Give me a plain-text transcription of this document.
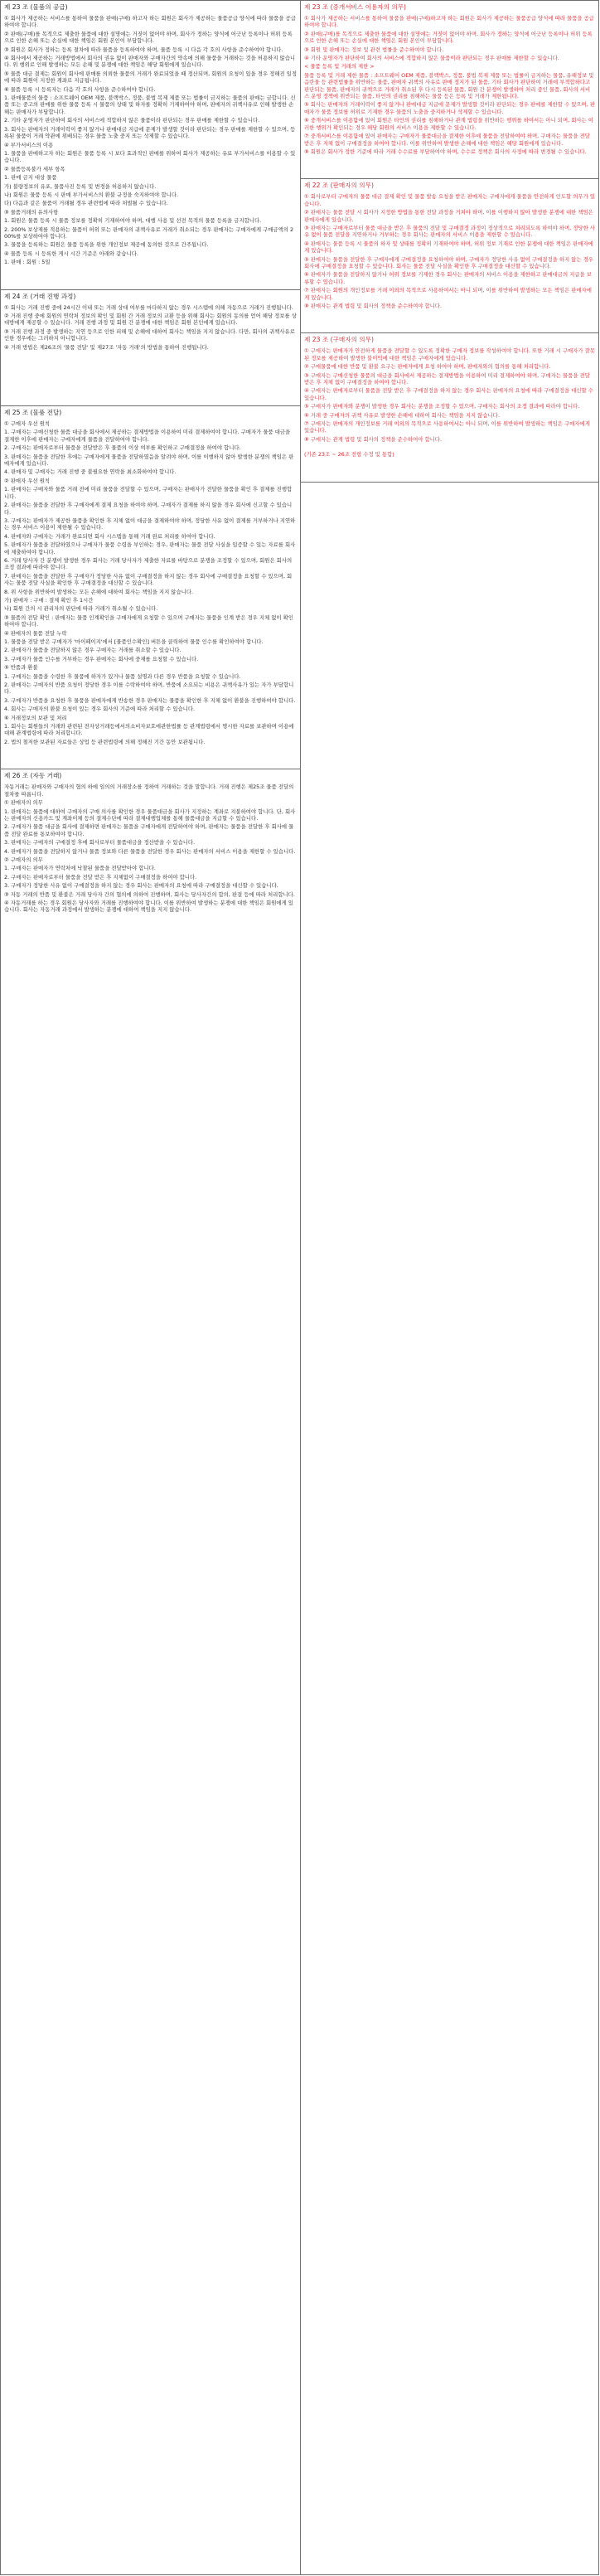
제 23 조 (물품의 공급)
① 회사가 제공하는 서비스를 통하여 물품을 판매(구매) 하고자 하는 회원은 회사가 제공하는 물품공급 양식에 따라 물품을 공급하여야 합니다.
② 판매(구매)를 목적으로 제출한 물품에 대한 설명에는 거짓이 없어야 하며, 회사가 정하는 양식에 어긋난 등록이나 허위 등록으로 인한 손해 또는 손실에 대한 책임은 회원 본인이 부담합니다.
③ 회원은 회사가 정하는 등록 절차에 따라 물품을 등록하여야 하며, 물품 등록 시 다음 각 호의 사항을 준수하여야 합니다.
④ 회사에서 제공하는 거래방법에서 회사의 권유 없이 판매자와 구매자간의 약속에 의해 물품을 거래하는 것을 허용하지 않습니다. 위 행위로 인해 발생하는 모든 손해 및 분쟁에 대한 책임은 해당 회원에게 있습니다.
⑤ 물품 대금 결제는 회원이 회사에 판매를 의뢰한 물품의 거래가 완료되었을 때 정산되며, 회원의 요청이 있을 경우 정해진 일정에 따라 회원이 지정한 계좌로 지급됩니다.
⑥ 물품 등록 시 등록자는 다음 각 호의 사항을 준수하여야 합니다.
1. 판매물품의 물품 : 소프트웨어 OEM 제품, 블랙박스, 정품, 불법 복제 제품 또는 법률이 금지하는 물품의 판매는 금합니다. 신품 또는 중고의 판매를 위한 물품 등록 시 물품의 상태 및 하자를 정확히 기재하여야 하며, 판매자의 귀책사유로 인해 발생한 손해는 판매자가 부담합니다.
2. 기타 운영자가 판단하여 회사의 서비스에 적합하지 않은 물품이라 판단되는 경우 판매를 제한할 수 있습니다.
3. 회사는 판매자의 거래이력이 좋지 않거나 판매대금 지급에 문제가 발생할 것이라 판단되는 경우 판매를 제한할 수 있으며, 등록된 물품이 거래 약관에 위배되는 경우 물품 노출 중지 또는 삭제할 수 있습니다.
④ 부가서비스의 이용
1. 물품을 판매하고자 하는 회원은 물품 등록 시 보다 효과적인 판매를 위하여 회사가 제공하는 유료 부가서비스를 이용할 수 있습니다.
② 물품등록불가 세부 항목
1. 판매 금지 대상 물품
가) 불량정보의 유포, 물품사진 등록 및 변경을 허용하지 않습니다.
나) 회원은 물품 등록 시 판매 부가서비스의 환불 규정을 숙지하여야 합니다.
다) 다음과 같은 물품이 거래될 경우 관련법에 따라 처벌될 수 있습니다.
③ 물품거래의 유의사항
1. 회원은 물품 등록 시 물품 정보를 정확히 기재하여야 하며, 대행 사용 및 선전 목적의 물품 등록을 금지합니다.
2. 200% 보상제를 적용하는 물품이 허위 또는 판매자의 귀책사유로 거래가 취소되는 경우 판매자는 구매자에게 구매금액의 200%를 보상하여야 합니다.
3. 물품을 등록하는 회원은 물품 등록을 위한 개인정보 제공에 동의한 것으로 간주됩니다.
④ 물품 등록 시 등록한 게시 시간 기준은 아래와 같습니다.
1. 판매 : 회원 : 5일
제 24 조 (거래 진행 과정)
① 회사는 거래 진행 중에 24시간 이내 또는 거래 상대 여부를 마다하지 않는 경우 시스템에 의해 자동으로 거래가 진행됩니다.
② 거래 진행 중에 회원의 연락처 정보의 확인 및 회원 간 거래 정보의 교환 등을 위해 회사는 회원의 동의를 얻어 해당 정보를 상대방에게 제공할 수 있습니다. 거래 진행 과정 및 회원 간 분쟁에 대한 책임은 회원 본인에게 있습니다.
③ 거래 진행 과정 중 발생하는 지연 등으로 인한 피해 및 손해에 대하여 회사는 책임을 지지 않습니다. 다만, 회사의 귀책사유로 인한 경우에는 그러하지 아니합니다.
④ 거래 방법은 제26조의 '물품 전달' 및 제27조 '자동 거래'의 방법을 통하여 진행됩니다.
제 25 조 (물품 전달)
① 구매자 우선 원칙
1. 구매자는 구매신청한 물품 대금을 회사에서 제공하는 결제방법을 이용하여 미리 결제하여야 합니다. 구매자가 물품 대금을 결제한 이후에 판매자는 구매자에게 물품을 전달하여야 합니다.
2. 구매자는 판매자로부터 물품을 전달받은 후 물품의 이상 여부를 확인하고 구매결정을 하여야 합니다.
3. 판매자는 물품을 전달한 후에는 구매자에게 물품을 전달하였음을 알려야 하며, 이를 이행하지 않아 발생한 분쟁의 책임은 판매자에게 있습니다.
4. 판매자 및 구매자는 거래 진행 중 불필요한 연락을 최소화하여야 합니다.
② 판매자 우선 원칙
1. 판매자는 구매자와 물품 거래 전에 미리 물품을 전달할 수 있으며, 구매자는 판매자가 전달한 물품을 확인 후 결제를 진행합니다.
2. 판매자는 물품을 전달한 후 구매자에게 결제 요청을 하여야 하며, 구매자가 결제를 하지 않을 경우 회사에 신고할 수 있습니다.
3. 구매자는 판매자가 제공한 물품을 확인한 후 지체 없이 대금을 결제하여야 하며, 정당한 사유 없이 결제를 거부하거나 지연하는 경우 서비스 이용이 제한될 수 있습니다.
4. 판매자와 구매자는 거래가 완료되면 회사 시스템을 통해 거래 완료 처리를 하여야 합니다.
5. 판매자가 물품을 전달하였으나 구매자가 물품 수령을 부인하는 경우, 판매자는 물품 전달 사실을 입증할 수 있는 자료를 회사에 제출하여야 합니다.
6. 거래 당사자 간 분쟁이 발생한 경우 회사는 거래 당사자가 제출한 자료를 바탕으로 분쟁을 조정할 수 있으며, 회원은 회사의 조정 결과에 따라야 합니다.
7. 판매자는 물품을 전달한 후 구매자가 정당한 사유 없이 구매결정을 하지 않는 경우 회사에 구매결정을 요청할 수 있으며, 회사는 물품 전달 사실을 확인한 후 구매결정을 대신할 수 있습니다.
8. 위 사항을 위반하여 발생하는 모든 손해에 대하여 회사는 책임을 지지 않습니다.
가) 판매자 : 구매 : 결제 확인 후 1시간
나) 회원 간의 시 관리자의 판단에 따라 거래가 취소될 수 있습니다.
③ 물품의 전달 확인 : 판매자는 물품 인계확인을 구매자에게 요청할 수 있으며 구매자는 물품을 인계 받은 경우 지체 없이 확인하여야 합니다.
④ 판매자의 물품 전달 누락
1. 물품을 전달 받은 구매자가 '마이페이지'에서 [물품인수확인] 버튼을 클릭하여 물품 인수를 확인하여야 합니다.
2. 판매자가 물품을 전달하지 않은 경우 구매자는 거래를 취소할 수 있습니다.
3. 구매자가 물품 인수를 거부하는 경우 판매자는 회사에 중재를 요청할 수 있습니다.
⑤ 반품과 환불
1. 구매자는 물품을 수령한 후 물품에 하자가 있거나 물품 설명과 다른 경우 반품을 요청할 수 있습니다.
2. 판매자는 구매자의 반품 요청이 정당한 경우 이를 수락하여야 하며, 반품에 소요되는 비용은 귀책사유가 있는 자가 부담합니다.
3. 구매자가 반품을 요청한 후 물품을 판매자에게 반송한 경우 판매자는 물품을 확인한 후 지체 없이 환불을 진행하여야 합니다.
4. 회사는 구매자의 환불 요청이 있는 경우 회사의 기준에 따라 처리할 수 있습니다.
⑥ 거래정보의 보관 및 처리
1. 회사는 회원들의 거래와 관련된 전자상거래등에서의소비자보호에관한법률 등 관계법령에서 명시한 자료를 보관하며 이용에 대해 관계법령에 따라 처리합니다.
2. 법의 철저한 보관된 자료들은 상업 등 관련법령에 의해 정해진 기간 동안 보관됩니다.
제 26 조 (자동 거래)
자동거래는 판매자와 구매자의 협의 하에 임의의 거래장소를 정하여 거래하는 것을 말합니다. 거래 진행은 제25조 물품 전달의 절차를 따릅니다.
① 판매자의 의무
1. 판매자는 물품에 대하여 구매자의 구매 의사를 확인한 경우 물품대금을 회사가 지정하는 계좌로 지불하여야 합니다. 단, 회사는 판매자의 신용카드 및 계좌이체 등의 결제수단에 따라 결제대행업체를 통해 물품대금을 지급할 수 있습니다.
2. 구매자가 물품 대금을 회사에 결제하면 판매자는 물품을 구매자에게 전달하여야 하며, 판매자는 물품을 전달한 후 회사에 물품 전달 완료를 통보하여야 합니다.
3. 판매자는 구매자의 구매결정 후에 회사로부터 물품대금을 정산받을 수 있습니다.
4. 판매자가 물품을 전달하지 않거나 물품 정보와 다른 물품을 전달한 경우 회사는 판매자의 서비스 이용을 제한할 수 있습니다.
② 구매자의 의무
1. 구매자는 판매자가 연락처에 낙찰된 물품을 전달받아야 합니다.
2. 구매자는 판매자로부터 물품을 전달 받은 후 지체없이 구매결정을 하여야 합니다.
3. 구매자가 정당한 사유 없이 구매결정을 하지 않는 경우 회사는 판매자의 요청에 따라 구매결정을 대신할 수 있습니다.
③ 자동 거래의 반품 및 환불은 거래 당사자 간의 협의에 의하여 진행하며, 회사는 당사자간의 합의, 판결 등에 따라 처리합니다.
④ 자동거래를 하는 경우 회원은 당사자와 거래를 진행하여야 합니다. 이를 위반하여 발생하는 분쟁에 대한 책임은 회원에게 있습니다. 회사는 자동거래 과정에서 발생하는 분쟁에 대하여 책임을 지지 않습니다.
제 23 조 (중개서비스 이용자의 의무)
① 회사가 제공하는 서비스를 통하여 물품을 판매(구매)하고자 하는 회원은 회사가 제공하는 물품공급 양식에 따라 물품을 공급하여야 합니다.
② 판매(구매)를 목적으로 제출한 물품에 대한 설명에는 거짓이 없어야 하며, 회사가 정하는 양식에 어긋난 등록이나 허위 등록으로 인한 손해 또는 손실에 대한 책임은 회원 본인이 부담합니다.
③ 회원 및 판매자는 정보 및 관련 법률을 준수하여야 합니다.
④ 기타 운영자가 판단하여 회사의 서비스에 적합하지 않은 물품이라 판단되는 경우 판매를 제한할 수 있습니다.
< 물품 등록 및 거래의 제한 >
물품 등록 및 거래 제한 물품 : 소프트웨어 OEM 제품, 블랙박스, 정품, 불법 복제 제품 또는 법률이 금지하는 물품, 유해정보 및 음란물 등 관련법률을 위반하는 물품, 판매자 귀책의 사유로 판매 정지가 된 물품, 기타 회사가 판단하여 거래에 부적합하다고 판단되는 물품, 판매자의 귀책으로 거래가 취소된 후 다시 등록된 물품, 회원 간 분쟁이 발생하여 처리 중인 물품, 회사의 서비스 운영 정책에 위반되는 물품, 타인의 권리를 침해하는 물품 등은 등록 및 거래가 제한됩니다.
⑤ 회사는 판매자의 거래이력이 좋지 않거나 판매대금 지급에 문제가 발생할 것이라 판단되는 경우 판매를 제한할 수 있으며, 판매자가 물품 정보를 허위로 기재한 경우 물품의 노출을 중지하거나 삭제할 수 있습니다.
⑥ 중개서비스를 이용함에 있어 회원은 타인의 권리를 침해하거나 관계 법령을 위반하는 행위를 하여서는 아니 되며, 회사는 이러한 행위가 확인되는 경우 해당 회원의 서비스 이용을 제한할 수 있습니다.
⑦ 중개서비스를 이용함에 있어 판매자는 구매자가 물품대금을 결제한 이후에 물품을 전달하여야 하며, 구매자는 물품을 전달 받은 후 지체 없이 구매결정을 하여야 합니다. 이를 위반하여 발생한 손해에 대한 책임은 해당 회원에게 있습니다.
⑧ 회원은 회사가 정한 기준에 따라 거래 수수료를 부담하여야 하며, 수수료 정책은 회사의 사정에 따라 변경될 수 있습니다.
제 22 조 (판매자의 의무)
① 회사로부터 구매자의 물품 대금 결제 확인 및 물품 발송 요청을 받은 판매자는 구매자에게 물품을 안전하게 인도할 의무가 있습니다.
② 판매자는 물품 전달 시 회사가 지정한 방법을 통한 전달 과정을 거쳐야 하며, 이를 이행하지 않아 발생한 분쟁에 대한 책임은 판매자에게 있습니다.
③ 판매자는 구매자로부터 물품 대금을 받은 후 물품의 전달 및 구매결정 과정이 정상적으로 처리되도록 하여야 하며, 정당한 사유 없이 물품 전달을 지연하거나 거부하는 경우 회사는 판매자의 서비스 이용을 제한할 수 있습니다.
④ 판매자는 물품 등록 시 물품의 하자 및 상태를 정확히 기재하여야 하며, 허위 정보 기재로 인한 분쟁에 대한 책임은 판매자에게 있습니다.
⑤ 판매자는 물품을 전달한 후 구매자에게 구매결정을 요청하여야 하며, 구매자가 정당한 사유 없이 구매결정을 하지 않는 경우 회사에 구매결정을 요청할 수 있습니다. 회사는 물품 전달 사실을 확인한 후 구매결정을 대신할 수 있습니다.
⑥ 판매자가 물품을 전달하지 않거나 허위 정보를 기재한 경우 회사는 판매자의 서비스 이용을 제한하고 판매대금의 지급을 보류할 수 있습니다.
⑦ 판매자는 회원의 개인정보를 거래 이외의 목적으로 사용하여서는 아니 되며, 이를 위반하여 발생하는 모든 책임은 판매자에게 있습니다.
⑧ 판매자는 관계 법령 및 회사의 정책을 준수하여야 합니다.
제 23 조 (구매자의 의무)
① 구매자는 판매자가 안전하게 물품을 전달할 수 있도록 정확한 구매자 정보를 작성하여야 합니다. 또한 거래 시 구매자가 잘못된 정보를 제공하여 발생한 불이익에 대한 책임은 구매자에게 있습니다.
② 구매물품에 대한 반품 및 환불 요구는 판매자에게 요청 하여야 하며, 판매자와의 협의를 통해 처리합니다.
③ 구매자는 구매신청한 물품의 대금을 회사에서 제공하는 결제방법을 이용하여 미리 결제하여야 하며, 구매자는 물품을 전달받은 후 지체 없이 구매결정을 하여야 합니다.
④ 구매자는 판매자로부터 물품을 전달 받은 후 구매결정을 하지 않는 경우 회사는 판매자의 요청에 따라 구매결정을 대신할 수 있습니다.
⑤ 구매자가 판매자와 분쟁이 발생한 경우 회사는 분쟁을 조정할 수 있으며, 구매자는 회사의 조정 결과에 따라야 합니다.
⑥ 거래 중 구매자의 귀책 사유로 발생한 손해에 대하여 회사는 책임을 지지 않습니다.
⑦ 구매자는 판매자의 개인정보를 거래 이외의 목적으로 사용하여서는 아니 되며, 이를 위반하여 발생하는 책임은 구매자에게 있습니다.
⑧ 구매자는 관계 법령 및 회사의 정책을 준수하여야 합니다.
(기존 23조 ~ 26조 전항 수정 및 통합)
